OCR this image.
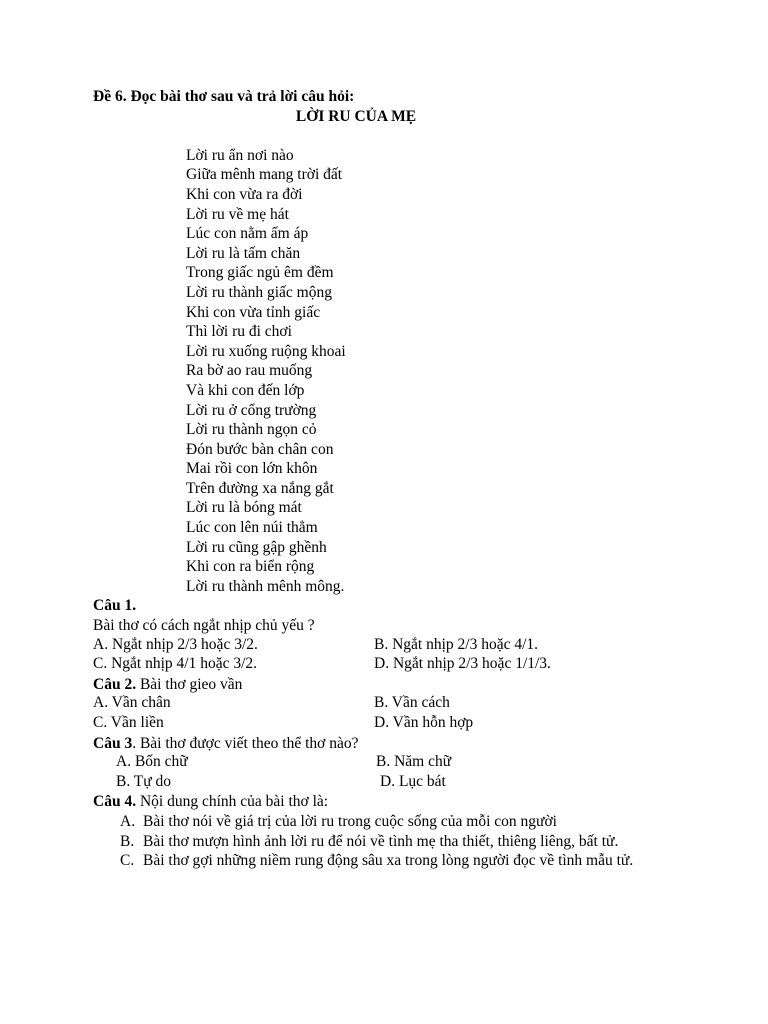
Đề 6. Đọc bài thơ sau và trả lời câu hỏi:
LỜI RU CỦA MẸ
Lời ru ẩn nơi nào
Giữa mênh mang trời đất
Khi con vừa ra đời
Lời ru về mẹ hát
Lúc con nằm ấm áp
Lời ru là tấm chăn
Trong giấc ngủ êm đềm
Lời ru thành giấc mộng
Khi con vừa tỉnh giấc
Thì lời ru đi chơi
Lời ru xuống ruộng khoai
Ra bờ ao rau muống
Và khi con đến lớp
Lời ru ở cổng trường
Lời ru thành ngọn cỏ
Đón bước bàn chân con
Mai rồi con lớn khôn
Trên đường xa nắng gắt
Lời ru là bóng mát
Lúc con lên núi thẳm
Lời ru cũng gập ghềnh
Khi con ra biển rộng
Lời ru thành mênh mông.
Câu 1.
Bài thơ có cách ngắt nhịp chủ yếu ?
A. Ngắt nhịp 2/3 hoặc 3/2.	B. Ngắt nhịp 2/3 hoặc 4/1.
C. Ngắt nhịp 4/1 hoặc 3/2.	D. Ngắt nhịp 2/3 hoặc 1/1/3.
Câu 2. Bài thơ gieo vần
A. Vần chân	B. Vần cách
C. Vần liền	D. Vần hỗn hợp
Câu 3. Bài thơ được viết theo thể thơ nào?
A. Bốn chữ	B. Năm chữ
B. Tự do	D. Lục bát
Câu 4. Nội dung chính của bài thơ là:
A. Bài thơ nói về giá trị của lời ru trong cuộc sống của mỗi con người
B. Bài thơ mượn hình ảnh lời ru để nói về tình mẹ tha thiết, thiêng liêng, bất tử.
C. Bài thơ gợi những niềm rung động sâu xa trong lòng người đọc về tình mẫu tử.
